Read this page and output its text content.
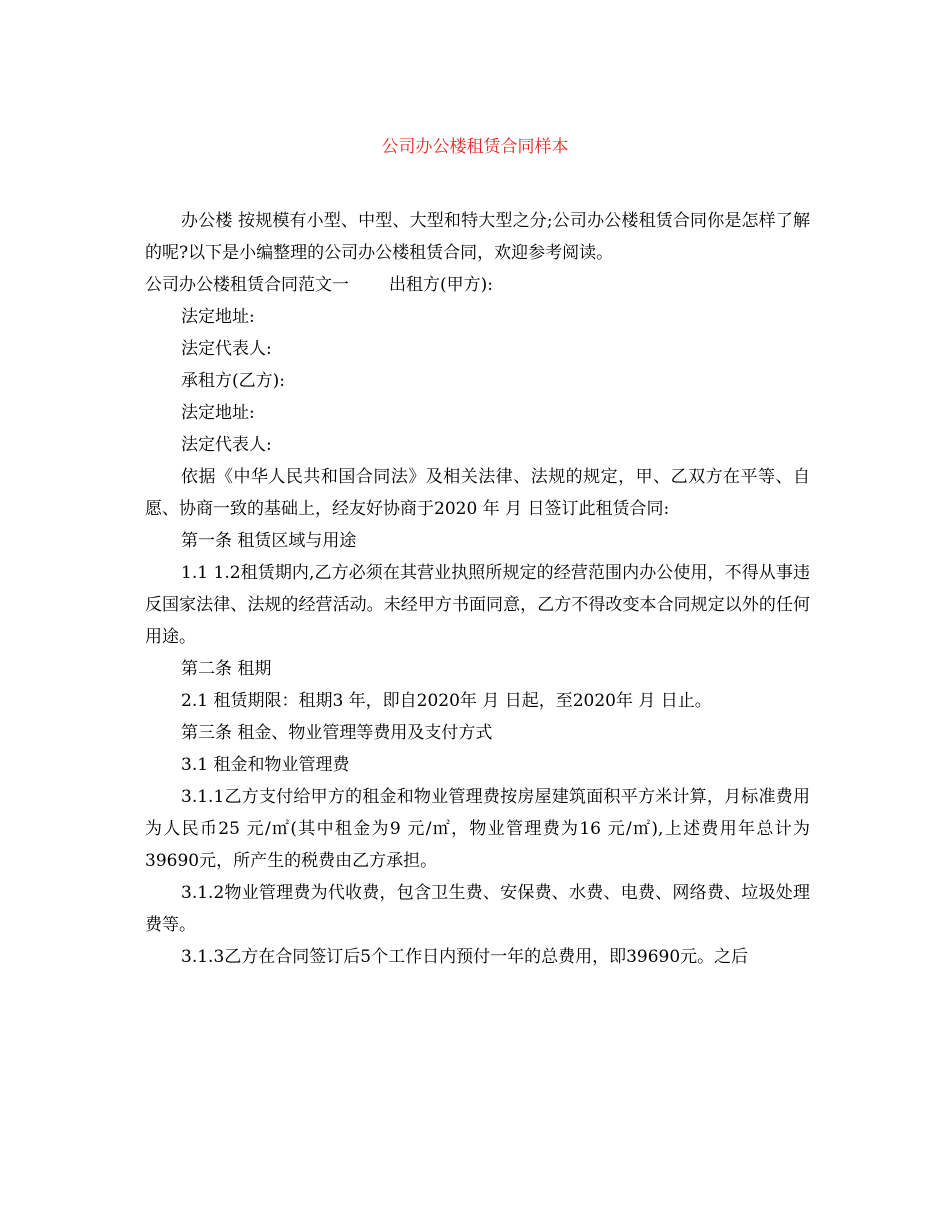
公司办公楼租赁合同样本

办公楼 按规模有小型、中型、大型和特大型之分;公司办公楼租赁合同你是怎样了解的呢?以下是小编整理的公司办公楼租赁合同，欢迎参考阅读。

公司办公楼租赁合同范文一 出租方(甲方):

法定地址:

法定代表人:

承租方(乙方):

法定地址:

法定代表人:

依据《中华人民共和国合同法》及相关法律、法规的规定，甲、乙双方在平等、自愿、协商一致的基础上，经友好协商于2020 年 月 日签订此租赁合同:

第一条 租赁区域与用途

1.1 1.2租赁期内,乙方必须在其营业执照所规定的经营范围内办公使用，不得从事违反国家法律、法规的经营活动。未经甲方书面同意，乙方不得改变本合同规定以外的任何用途。

第二条 租期

2.1 租赁期限：租期3 年，即自2020年 月 日起，至2020年 月 日止。

第三条 租金、物业管理等费用及支付方式

3.1 租金和物业管理费

3.1.1乙方支付给甲方的租金和物业管理费按房屋建筑面积平方米计算，月标准费用为人民币25 元/㎡(其中租金为9 元/㎡，物业管理费为16 元/㎡),上述费用年总计为39690元，所产生的税费由乙方承担。

3.1.2物业管理费为代收费，包含卫生费、安保费、水费、电费、网络费、垃圾处理费等。

3.1.3乙方在合同签订后5个工作日内预付一年的总费用，即39690元。之后
